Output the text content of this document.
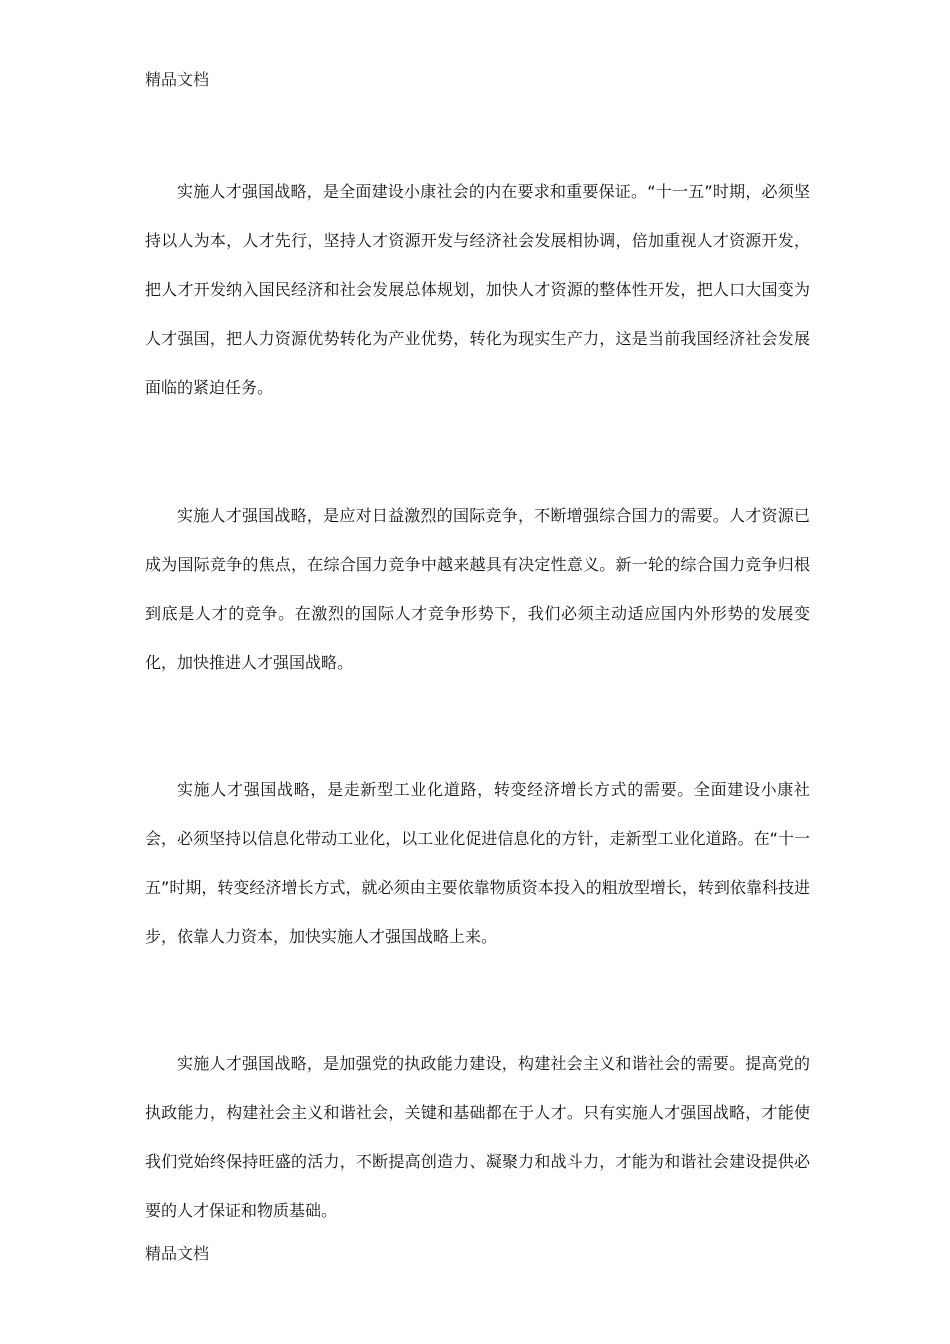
精品文档

实施人才强国战略，是全面建设小康社会的内在要求和重要保证。“十一五”时期，必须坚持以人为本，人才先行，坚持人才资源开发与经济社会发展相协调，倍加重视人才资源开发，把人才开发纳入国民经济和社会发展总体规划，加快人才资源的整体性开发，把人口大国变为人才强国，把人力资源优势转化为产业优势，转化为现实生产力，这是当前我国经济社会发展面临的紧迫任务。

实施人才强国战略，是应对日益激烈的国际竞争，不断增强综合国力的需要。人才资源已成为国际竞争的焦点，在综合国力竞争中越来越具有决定性意义。新一轮的综合国力竞争归根到底是人才的竞争。在激烈的国际人才竞争形势下，我们必须主动适应国内外形势的发展变化，加快推进人才强国战略。

实施人才强国战略，是走新型工业化道路，转变经济增长方式的需要。全面建设小康社会，必须坚持以信息化带动工业化，以工业化促进信息化的方针，走新型工业化道路。在“十一五”时期，转变经济增长方式，就必须由主要依靠物质资本投入的粗放型增长，转到依靠科技进步，依靠人力资本，加快实施人才强国战略上来。

实施人才强国战略，是加强党的执政能力建设，构建社会主义和谐社会的需要。提高党的执政能力，构建社会主义和谐社会，关键和基础都在于人才。只有实施人才强国战略，才能使我们党始终保持旺盛的活力，不断提高创造力、凝聚力和战斗力，才能为和谐社会建设提供必要的人才保证和物质基础。

精品文档
